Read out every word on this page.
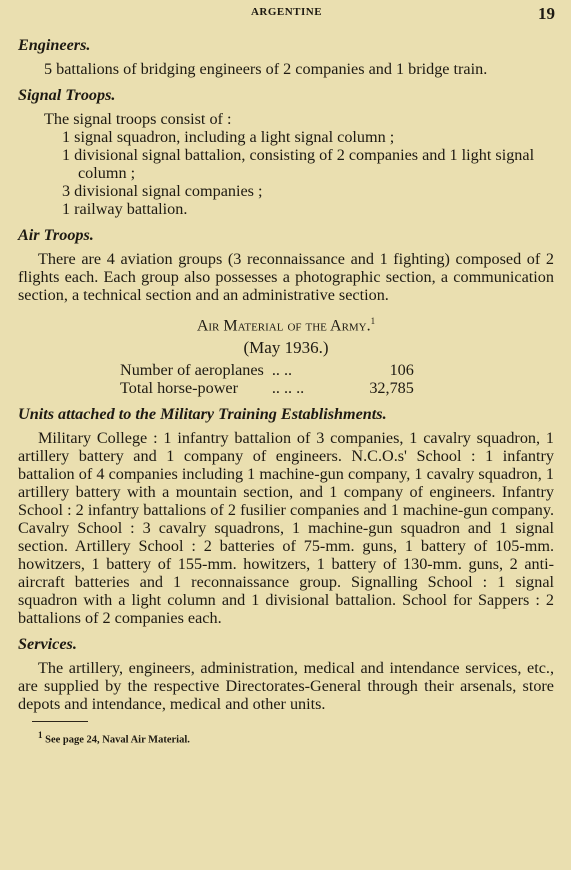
ARGENTINE	19
Engineers.

5 battalions of bridging engineers of 2 companies and 1 bridge train.

Signal Troops.

The signal troops consist of :

1 signal squadron, including a light signal column ;
1 divisional signal battalion, consisting of 2 companies and 1 light signal column ;
3 divisional signal companies ;
1 railway battalion.
Air Troops.

There are 4 aviation groups (3 reconnaissance and 1 fighting) composed of 2 flights each. Each group also possesses a photographic section, a communication section, a technical section and an administrative section.

Air Material of the Army.$^1$
(May 1936.)
Number of aeroplanes	.. ..	106
Total horse-power	.. .. ..	32,785
Units attached to the Military Training Establishments.

Military College : 1 infantry battalion of 3 companies, 1 cavalry squadron, 1 artillery battery and 1 company of engineers. N.C.O.s' School : 1 infantry battalion of 4 companies including 1 machine-gun company, 1 cavalry squadron, 1 artillery battery with a mountain section, and 1 company of engineers. Infantry School : 2 infantry battalions of 2 fusilier companies and 1 machine-gun company. Cavalry School : 3 cavalry squadrons, 1 machine-gun squadron and 1 signal section. Artillery School : 2 batteries of 75-mm. guns, 1 battery of 105-mm. howitzers, 1 battery of 155-mm. howitzers, 1 battery of 130-mm. guns, 2 anti-aircraft batteries and 1 reconnaissance group. Signalling School : 1 signal squadron with a light column and 1 divisional battalion. School for Sappers : 2 battalions of 2 companies each.

Services.

The artillery, engineers, administration, medical and intendance services, etc., are supplied by the respective Directorates-General through their arsenals, store depots and intendance, medical and other units.

$^1$ See page 24, Naval Air Material.
